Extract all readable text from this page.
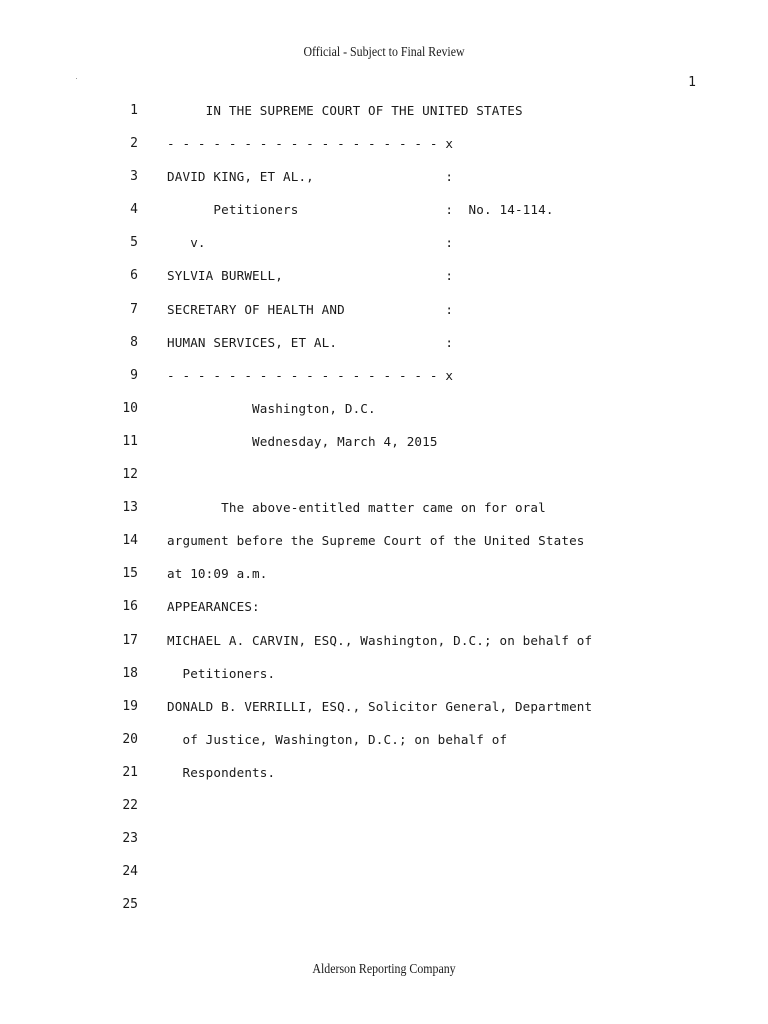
Official - Subject to Final Review
1
1 IN THE SUPREME COURT OF THE UNITED STATES
2 - - - - - - - - - - - - - - - - - - x
3 DAVID KING, ET AL.,                 :
4 Petitioners                   :  No. 14-114.
5 v.                               :
6 SYLVIA BURWELL,                     :
7 SECRETARY OF HEALTH AND             :
8 HUMAN SERVICES, ET AL.              :
9 - - - - - - - - - - - - - - - - - - x
10 Washington, D.C.
11 Wednesday, March 4, 2015
12
13 The above-entitled matter came on for oral
14 argument before the Supreme Court of the United States
15 at 10:09 a.m.
16 APPEARANCES:
17 MICHAEL A. CARVIN, ESQ., Washington, D.C.; on behalf of
18 Petitioners.
19 DONALD B. VERRILLI, ESQ., Solicitor General, Department
20 of Justice, Washington, D.C.; on behalf of
21 Respondents.
22
23
24
25
Alderson Reporting Company
